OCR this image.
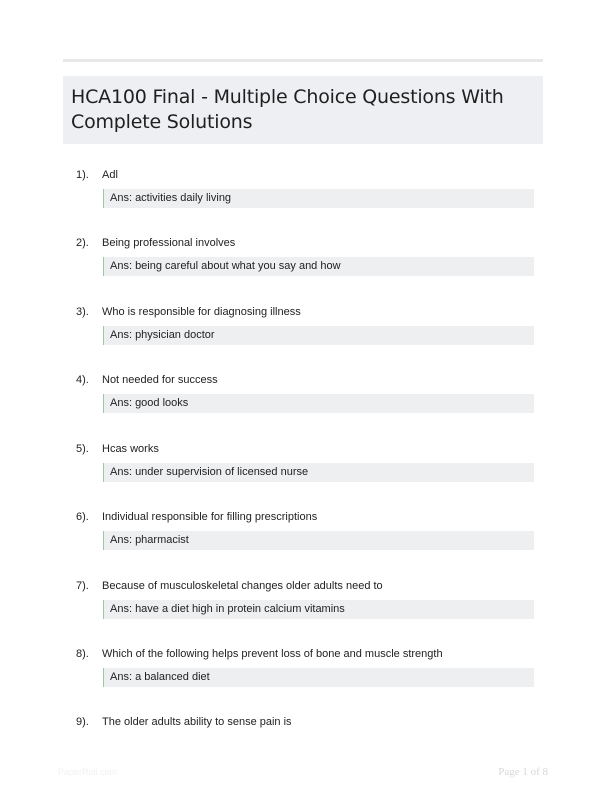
HCA100 Final - Multiple Choice Questions With Complete Solutions
1). Adl
Ans: activities daily living
2). Being professional involves
Ans: being careful about what you say and how
3). Who is responsible for diagnosing illness
Ans: physician doctor
4). Not needed for success
Ans: good looks
5). Hcas works
Ans: under supervision of licensed nurse
6). Individual responsible for filling prescriptions
Ans: pharmacist
7). Because of musculoskeletal changes older adults need to
Ans: have a diet high in protein calcium vitamins
8). Which of the following helps prevent loss of bone and muscle strength
Ans: a balanced diet
9). The older adults ability to sense pain is
PaperRoll.com	Page 1 of 8
